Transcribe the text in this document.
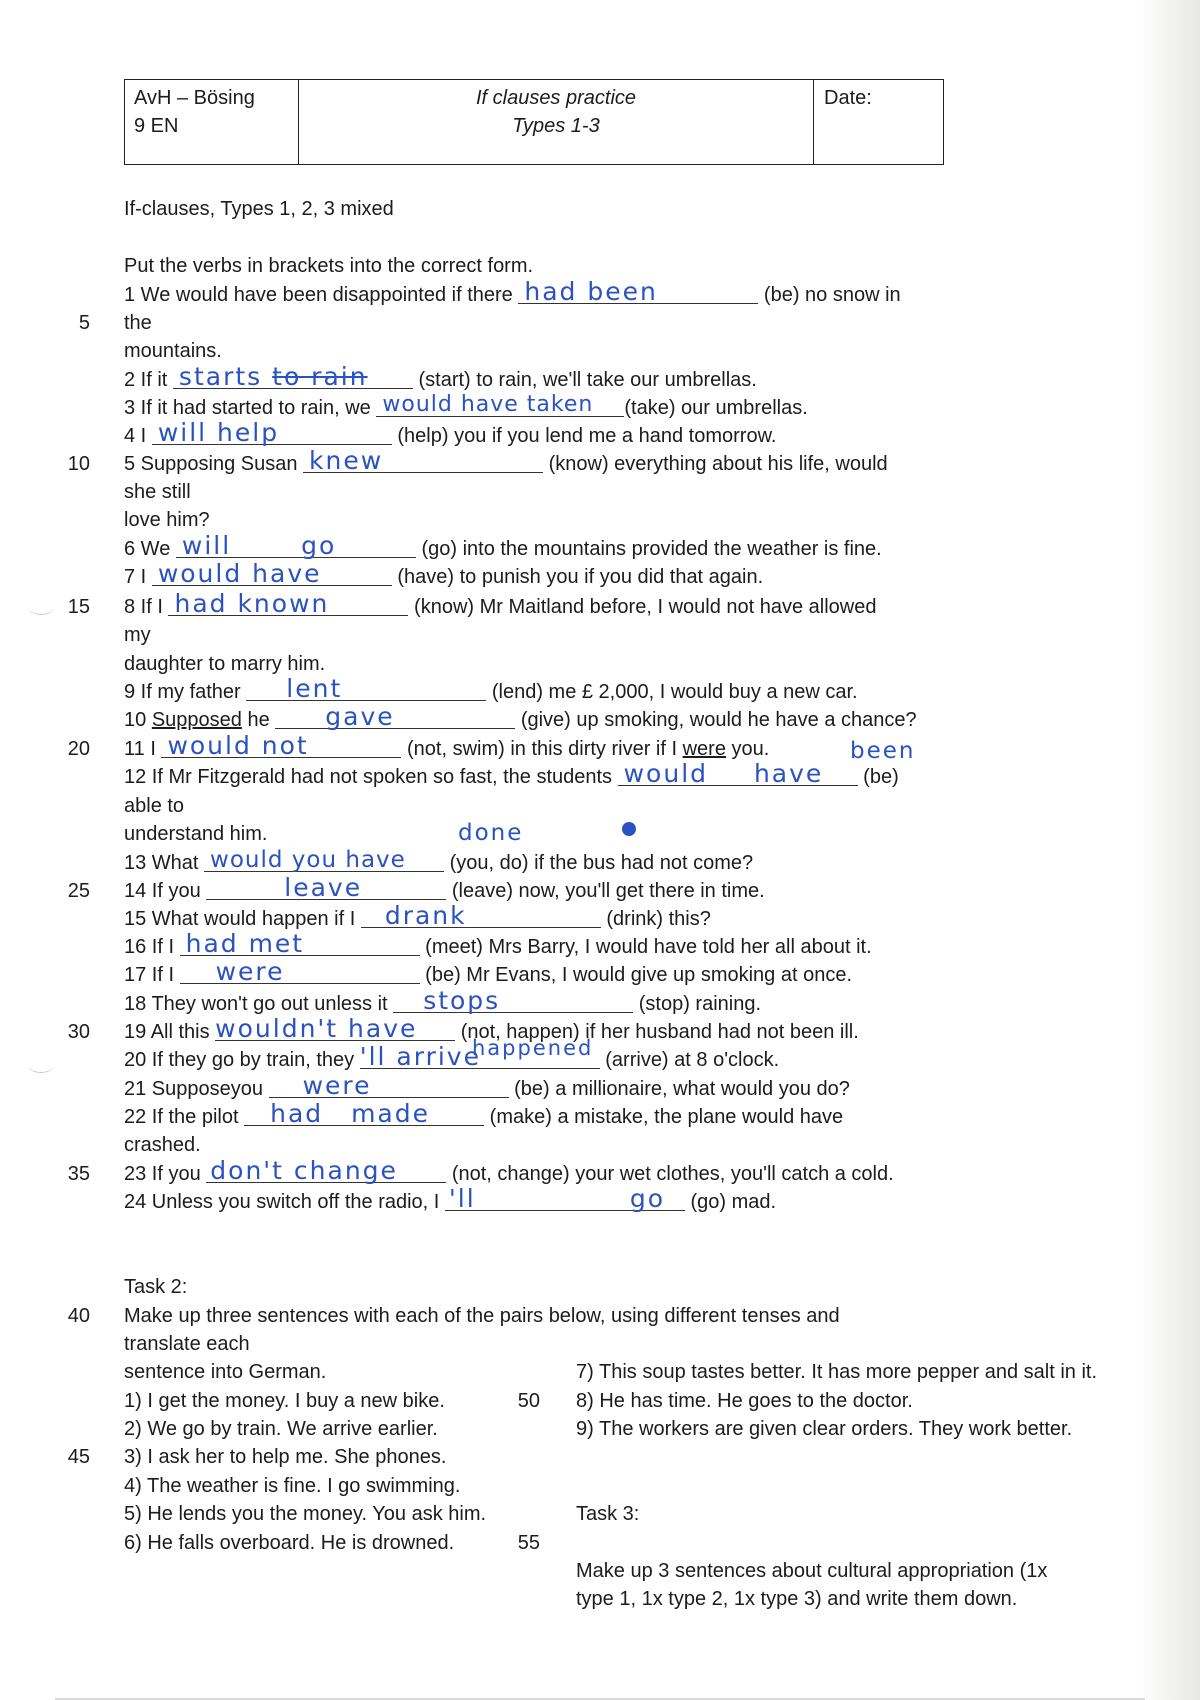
AvH – Bösing
9 EN
If clauses practice
Types 1-3
Date:
If-clauses, Types 1, 2, 3 mixed
Put the verbs in brackets into the correct form.
5
10
15
20
25
30
35
40
45
50
55
1 We would have been disappointed if there had been	(be) no snow in
the
mountains.
2 If it starts to rain	(start) to rain, we'll take our umbrellas.
3 If it had started to rain, we would have taken (take) our umbrellas.
4 I will help	(help) you if you lend me a hand tomorrow.
5 Supposing Susan knew	(know) everything about his life, would
she still
love him?
6 We will go	(go) into the mountains provided the weather is fine.
7 I would have	(have) to punish you if you did that again.
8 If I had known	(know) Mr Maitland before, I would not have allowed
my
daughter to marry him.
9 If my father lent	(lend) me £ 2,000, I would buy a new car.
10 Supposed he gave	(give) up smoking, would he have a chance?
11 I would not	(not, swim) in this dirty river if I were you.
12 If Mr Fitzgerald had not spoken so fast, the students would have (be)
been
able to
understand him.
13 What would you have (you, do) if the bus had not come?
done
14 If you	leave	(leave) now, you'll get there in time.
15 What would happen if I drank	(drink) this?
16 If I had met	(meet) Mrs Barry, I would have told her all about it.
17 If I were	(be) Mr Evans, I would give up smoking at once.
18 They won't go out unless it stops	(stop) raining.
19 All this wouldn't have (not, happen) if her husband had not been ill.
happened
20 If they go by train, they 'll arrive	(arrive) at 8 o'clock.
21 Supposeyou were	(be) a millionaire, what would you do?
22 If the pilot had made	(make) a mistake, the plane would have
crashed.
23 If you don't change	(not, change) your wet clothes, you'll catch a cold.
24 Unless you switch off the radio, I 'll	go (go) mad.
Task 2:
Make up three sentences with each of the pairs below, using different tenses and
translate each
sentence into German.
1) I get the money. I buy a new bike.
2) We go by train. We arrive earlier.
3) I ask her to help me. She phones.
4) The weather is fine. I go swimming.
5) He lends you the money. You ask him.
6) He falls overboard. He is drowned.
7) This soup tastes better. It has more pepper and salt in it.
8) He has time. He goes to the doctor.
9) The workers are given clear orders. They work better.
Task 3:
Make up 3 sentences about cultural appropriation (1x
type 1, 1x type 2, 1x type 3) and write them down.
